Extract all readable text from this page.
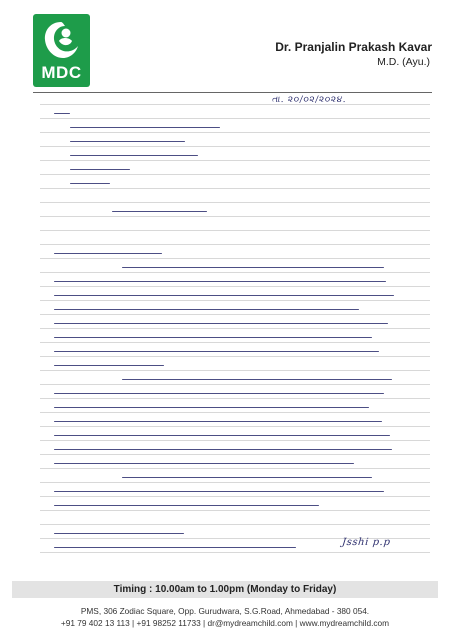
MDC
Dr. Pranjalin Prakash Kavar
M.D. (Ayu.)
તા. ૨૦/૦૨/૨૦૨૪.
Jsshi p.p
Timing : 10.00am to 1.00pm (Monday to Friday)
PMS, 306 Zodiac Square, Opp. Gurudwara, S.G.Road, Ahmedabad - 380 054.
+91 79 402 13 113 | +91 98252 11733 | dr@mydreamchild.com | www.mydreamchild.com
